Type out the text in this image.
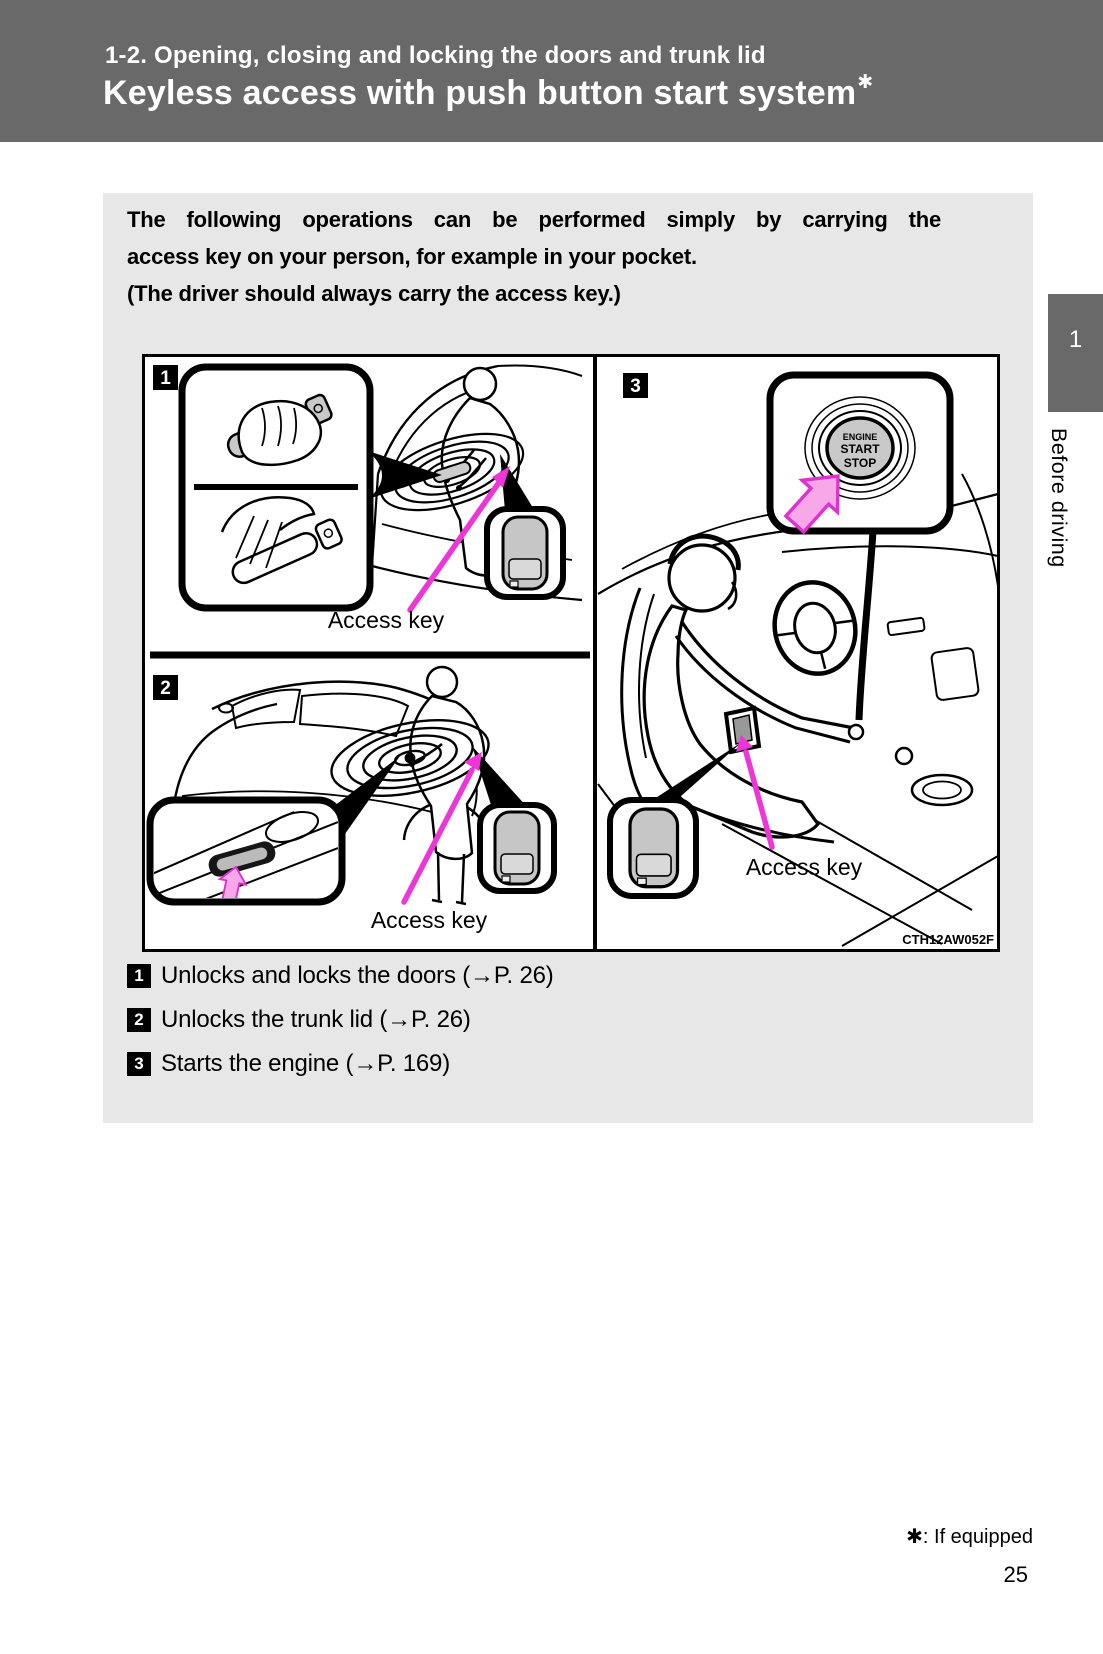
1-2. Opening, closing and locking the doors and trunk lid
Keyless access with push button start system✱
The following operations can be performed simply by carrying the
access key on your person, for example in your pocket.
(The driver should always carry the access key.)
Access key
1
Access key
2
ENGINE
START
STOP
Access key
3
CTH12AW052F
1 Unlocks and locks the doors (→P. 26)
2 Unlocks the trunk lid (→P. 26)
3 Starts the engine (→P. 169)
1
Before driving
✱: If equipped
25
